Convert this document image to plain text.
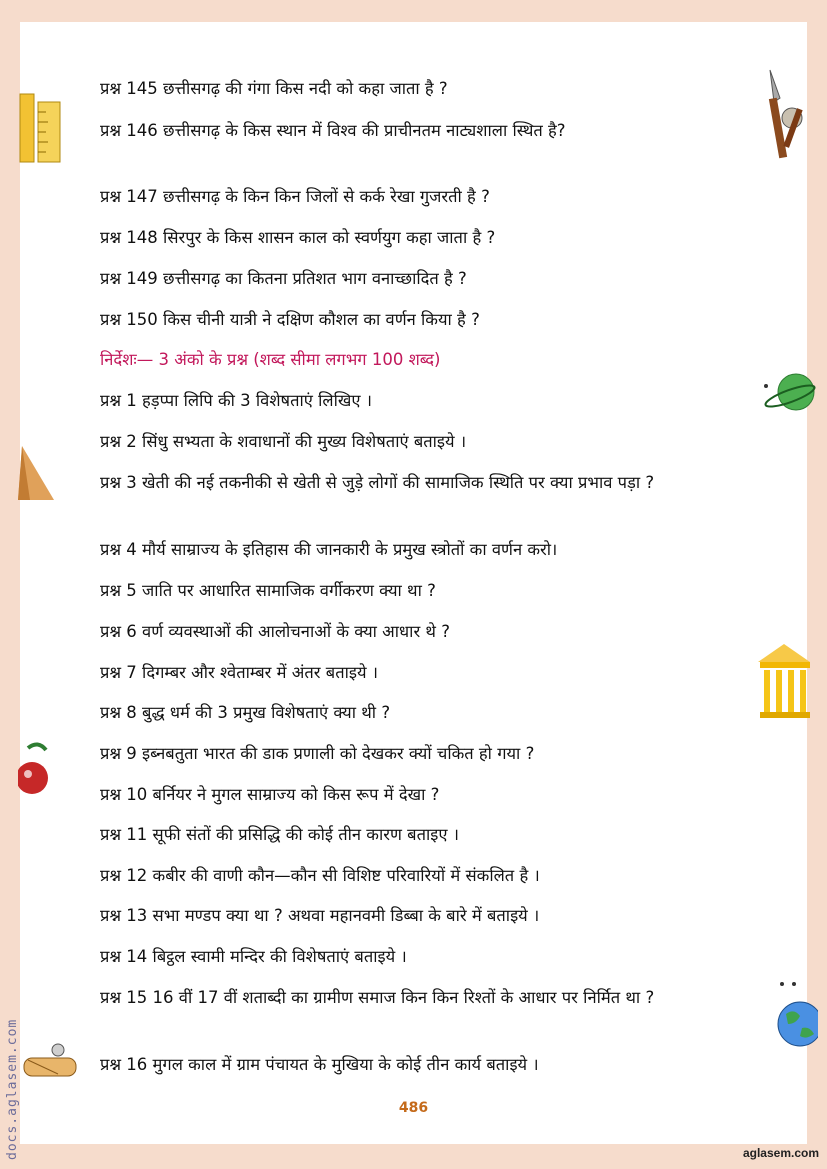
प्रश्न 145 छत्तीसगढ़ की गंगा किस नदी को कहा जाता है ?
प्रश्न 146 छत्तीसगढ़ के किस स्थान में विश्व की प्राचीनतम नाट्यशाला स्थित है?
प्रश्न 147 छत्तीसगढ़ के किन किन जिलों से कर्क रेखा गुजरती है ?
प्रश्न 148 सिरपुर के किस शासन काल को स्वर्णयुग कहा जाता है ?
प्रश्न 149 छत्तीसगढ़ का कितना प्रतिशत भाग वनाच्छादित है ?
प्रश्न 150 किस चीनी यात्री ने दक्षिण कौशल का वर्णन किया है ?
निर्देशः— 3 अंको के प्रश्न (शब्द सीमा लगभग 100 शब्द)
प्रश्न 1 हड़प्पा लिपि की 3 विशेषताएं लिखिए ।
प्रश्न 2 सिंधु सभ्यता के शवाधानों की मुख्य विशेषताएं बताइये ।
प्रश्न 3 खेती की नई तकनीकी से खेती से जुड़े लोगों की सामाजिक स्थिति पर क्या प्रभाव पड़ा ?
प्रश्न 4 मौर्य साम्राज्य के इतिहास की जानकारी के प्रमुख स्त्रोतों का वर्णन करो।
प्रश्न 5 जाति पर आधारित सामाजिक वर्गीकरण क्या था ?
प्रश्न 6 वर्ण व्यवस्थाओं की आलोचनाओं के क्या आधार थे ?
प्रश्न 7 दिगम्बर और श्वेताम्बर में अंतर बताइये ।
प्रश्न 8 बुद्ध धर्म की 3 प्रमुख विशेषताएं क्या थी ?
प्रश्न 9 इब्नबतुता भारत की डाक प्रणाली को देखकर क्यों चकित हो गया ?
प्रश्न 10 बर्नियर ने मुगल साम्राज्य को किस रूप में देखा ?
प्रश्न 11 सूफी संतों की प्रसिद्धि की कोई तीन कारण बताइए ।
प्रश्न 12 कबीर की वाणी कौन—कौन सी विशिष्ट परिवारियों में संकलित है ।
प्रश्न 13 सभा मण्डप क्या था ? अथवा महानवमी डिब्बा के बारे में बताइये ।
प्रश्न 14 बिट्ठल स्वामी मन्दिर की विशेषताएं बताइये ।
प्रश्न 15 16 वीं 17 वीं शताब्दी का ग्रामीण समाज किन किन रिश्तों के आधार पर निर्मित था ?
प्रश्न 16 मुगल काल में ग्राम पंचायत के मुखिया के कोई तीन कार्य बताइये ।
486
aglasem.com
docs.aglasem.com
